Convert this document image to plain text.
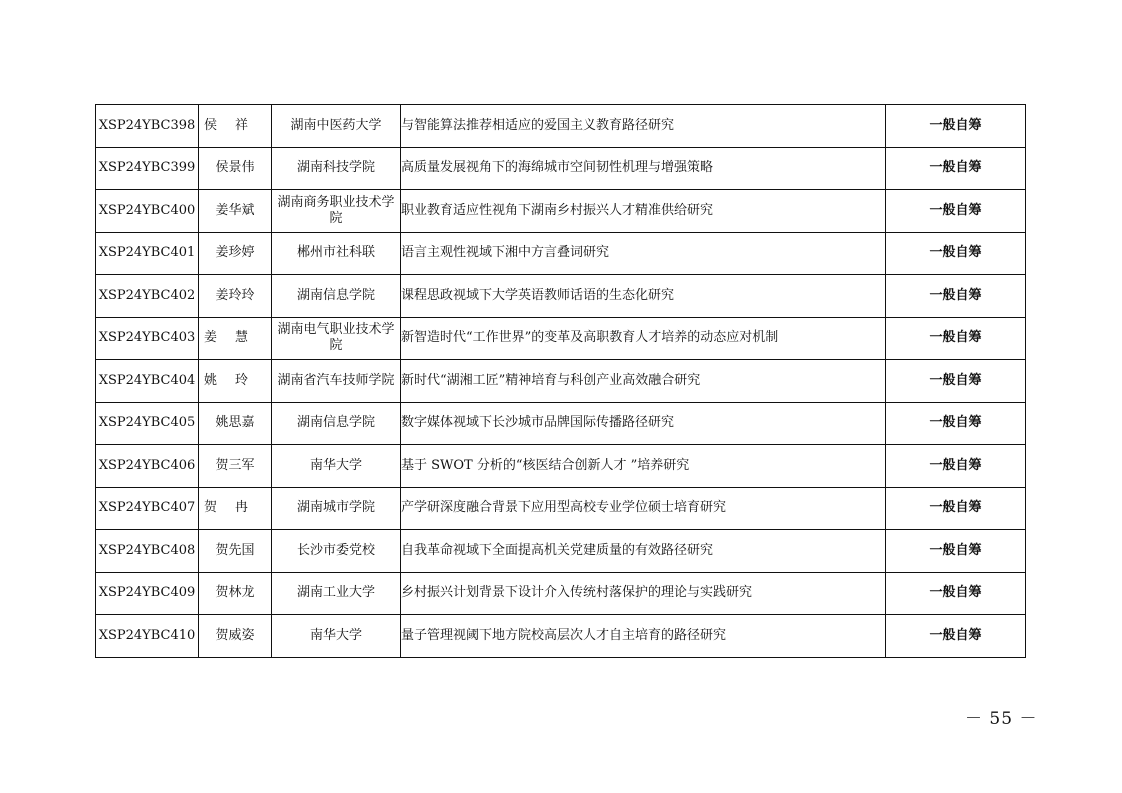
XSP24YBC398	侯祥	湖南中医药大学	与智能算法推荐相适应的爱国主义教育路径研究	一般自筹
XSP24YBC399	侯景伟	湖南科技学院	高质量发展视角下的海绵城市空间韧性机理与增强策略	一般自筹
XSP24YBC400	姜华斌	湖南商务职业技术学院	职业教育适应性视角下湖南乡村振兴人才精准供给研究	一般自筹
XSP24YBC401	姜珍婷	郴州市社科联	语言主观性视域下湘中方言叠词研究	一般自筹
XSP24YBC402	姜玲玲	湖南信息学院	课程思政视域下大学英语教师话语的生态化研究	一般自筹
XSP24YBC403	姜慧	湖南电气职业技术学院	新智造时代“工作世界”的变革及高职教育人才培养的动态应对机制	一般自筹
XSP24YBC404	姚玲	湖南省汽车技师学院	新时代“湖湘工匠”精神培育与科创产业高效融合研究	一般自筹
XSP24YBC405	姚思嘉	湖南信息学院	数字媒体视域下长沙城市品牌国际传播路径研究	一般自筹
XSP24YBC406	贺三军	南华大学	基于 SWOT 分析的“核医结合创新人才 ”培养研究	一般自筹
XSP24YBC407	贺冉	湖南城市学院	产学研深度融合背景下应用型高校专业学位硕士培育研究	一般自筹
XSP24YBC408	贺先国	长沙市委党校	自我革命视域下全面提高机关党建质量的有效路径研究	一般自筹
XSP24YBC409	贺林龙	湖南工业大学	乡村振兴计划背景下设计介入传统村落保护的理论与实践研究	一般自筹
XSP24YBC410	贺威姿	南华大学	量子管理视阈下地方院校高层次人才自主培育的路径研究	一般自筹
－ 55 －
